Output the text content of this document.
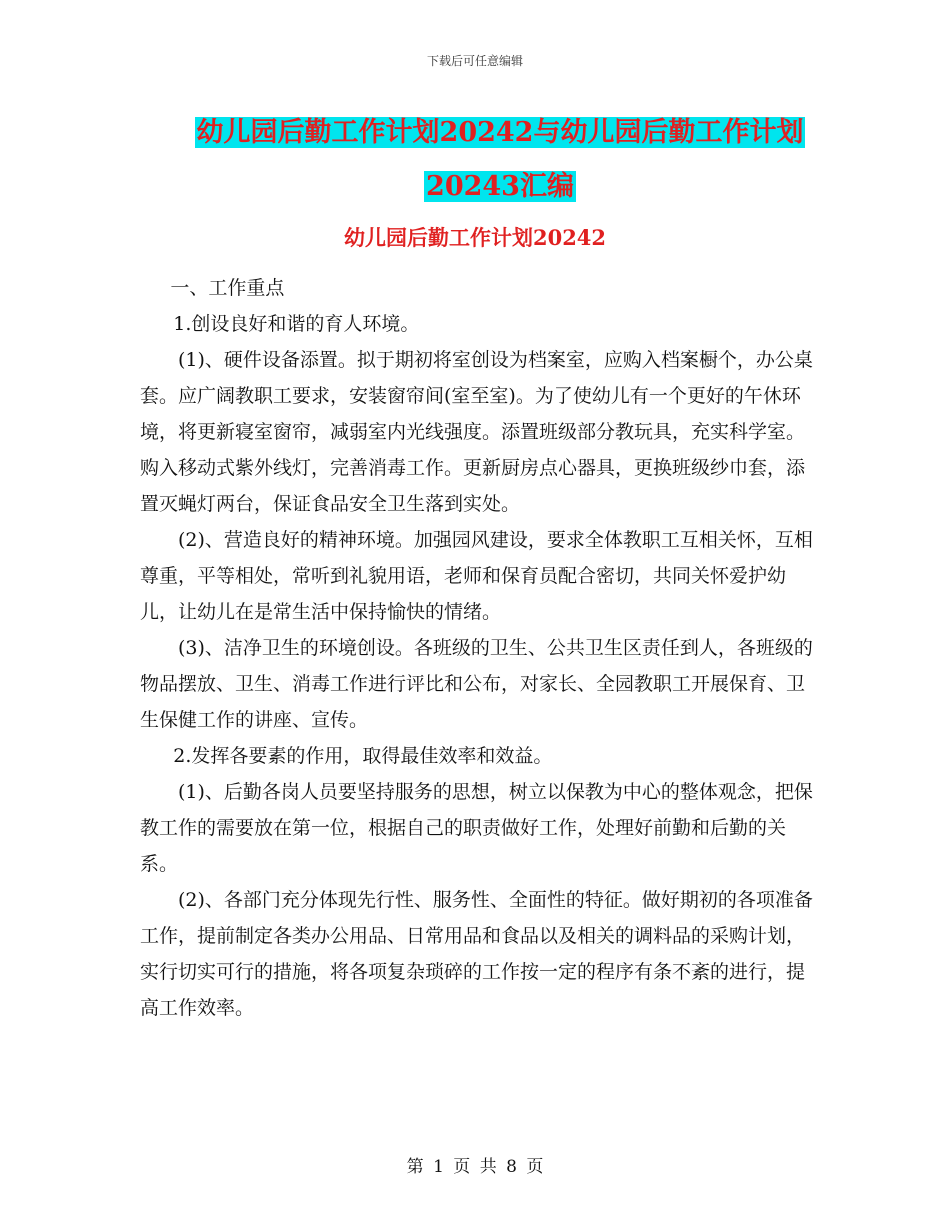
下载后可任意编辑
幼儿园后勤工作计划20242与幼儿园后勤工作计划
20243汇编
幼儿园后勤工作计划20242

一、工作重点

1.创设良好和谐的育人环境。

(1)、硬件设备添置。拟于期初将室创设为档案室，应购入档案橱个，办公桌套。应广阔教职工要求，安装窗帘间(室至室)。为了使幼儿有一个更好的午休环境，将更新寝室窗帘，减弱室内光线强度。添置班级部分教玩具，充实科学室。购入移动式紫外线灯，完善消毒工作。更新厨房点心器具，更换班级纱巾套，添置灭蝇灯两台，保证食品安全卫生落到实处。

(2)、营造良好的精神环境。加强园风建设，要求全体教职工互相关怀，互相尊重，平等相处，常听到礼貌用语，老师和保育员配合密切，共同关怀爱护幼儿，让幼儿在是常生活中保持愉快的情绪。

(3)、洁净卫生的环境创设。各班级的卫生、公共卫生区责任到人，各班级的物品摆放、卫生、消毒工作进行评比和公布，对家长、全园教职工开展保育、卫生保健工作的讲座、宣传。

2.发挥各要素的作用，取得最佳效率和效益。

(1)、后勤各岗人员要坚持服务的思想，树立以保教为中心的整体观念，把保教工作的需要放在第一位，根据自己的职责做好工作，处理好前勤和后勤的关系。

(2)、各部门充分体现先行性、服务性、全面性的特征。做好期初的各项准备工作，提前制定各类办公用品、日常用品和食品以及相关的调料品的采购计划，实行切实可行的措施，将各项复杂琐碎的工作按一定的程序有条不紊的进行，提高工作效率。

第 1 页 共 8 页
